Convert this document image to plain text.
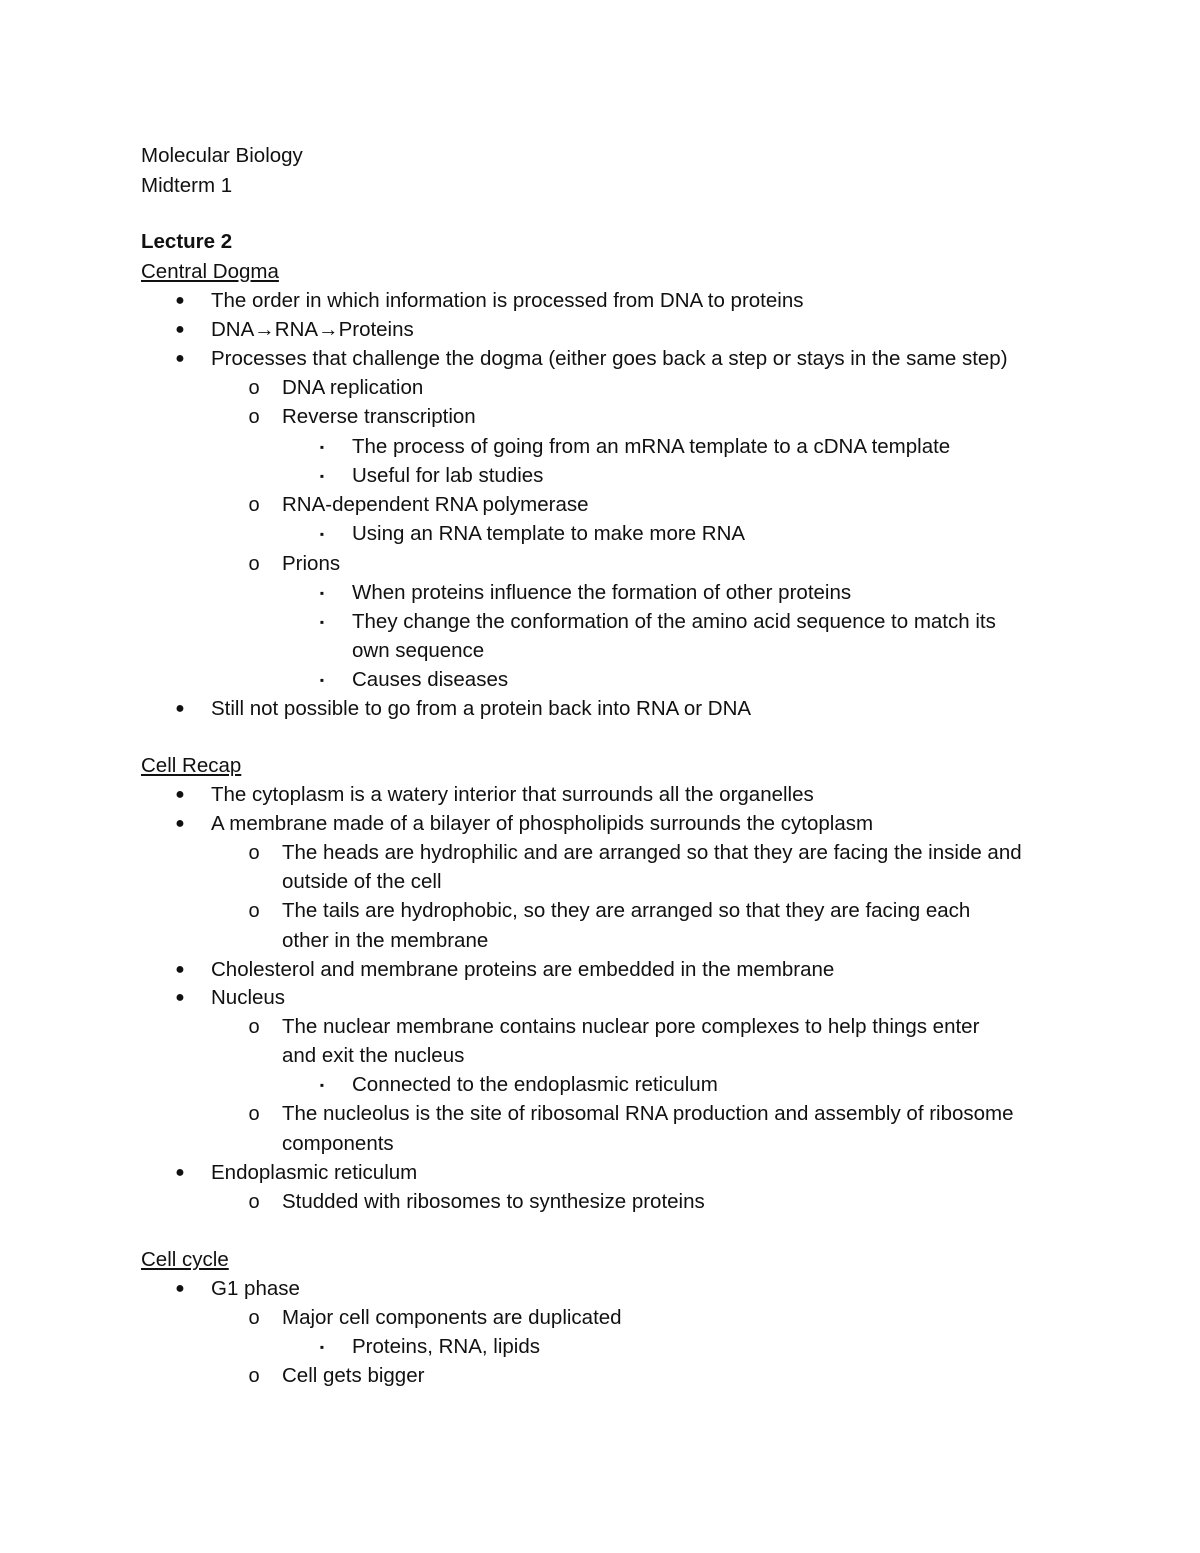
Molecular Biology
Midterm 1
Lecture 2
Central Dogma
● The order in which information is processed from DNA to proteins
● DNA→RNA→Proteins
● Processes that challenge the dogma (either goes back a step or stays in the same step)
o DNA replication
o Reverse transcription
▪	The process of going from an mRNA template to a cDNA template
▪	Useful for lab studies
o RNA-dependent RNA polymerase
▪	Using an RNA template to make more RNA
o Prions
▪	When proteins influence the formation of other proteins
▪	They change the conformation of the amino acid sequence to match its
own sequence
▪	Causes diseases
● Still not possible to go from a protein back into RNA or DNA
Cell Recap
● The cytoplasm is a watery interior that surrounds all the organelles
● A membrane made of a bilayer of phospholipids surrounds the cytoplasm
o The heads are hydrophilic and are arranged so that they are facing the inside and
outside of the cell
o The tails are hydrophobic, so they are arranged so that they are facing each
other in the membrane
● Cholesterol and membrane proteins are embedded in the membrane
● Nucleus
o The nuclear membrane contains nuclear pore complexes to help things enter
and exit the nucleus
▪	Connected to the endoplasmic reticulum
o The nucleolus is the site of ribosomal RNA production and assembly of ribosome
components
● Endoplasmic reticulum
o Studded with ribosomes to synthesize proteins
Cell cycle
● G1 phase
o Major cell components are duplicated
▪	Proteins, RNA, lipids
o Cell gets bigger
